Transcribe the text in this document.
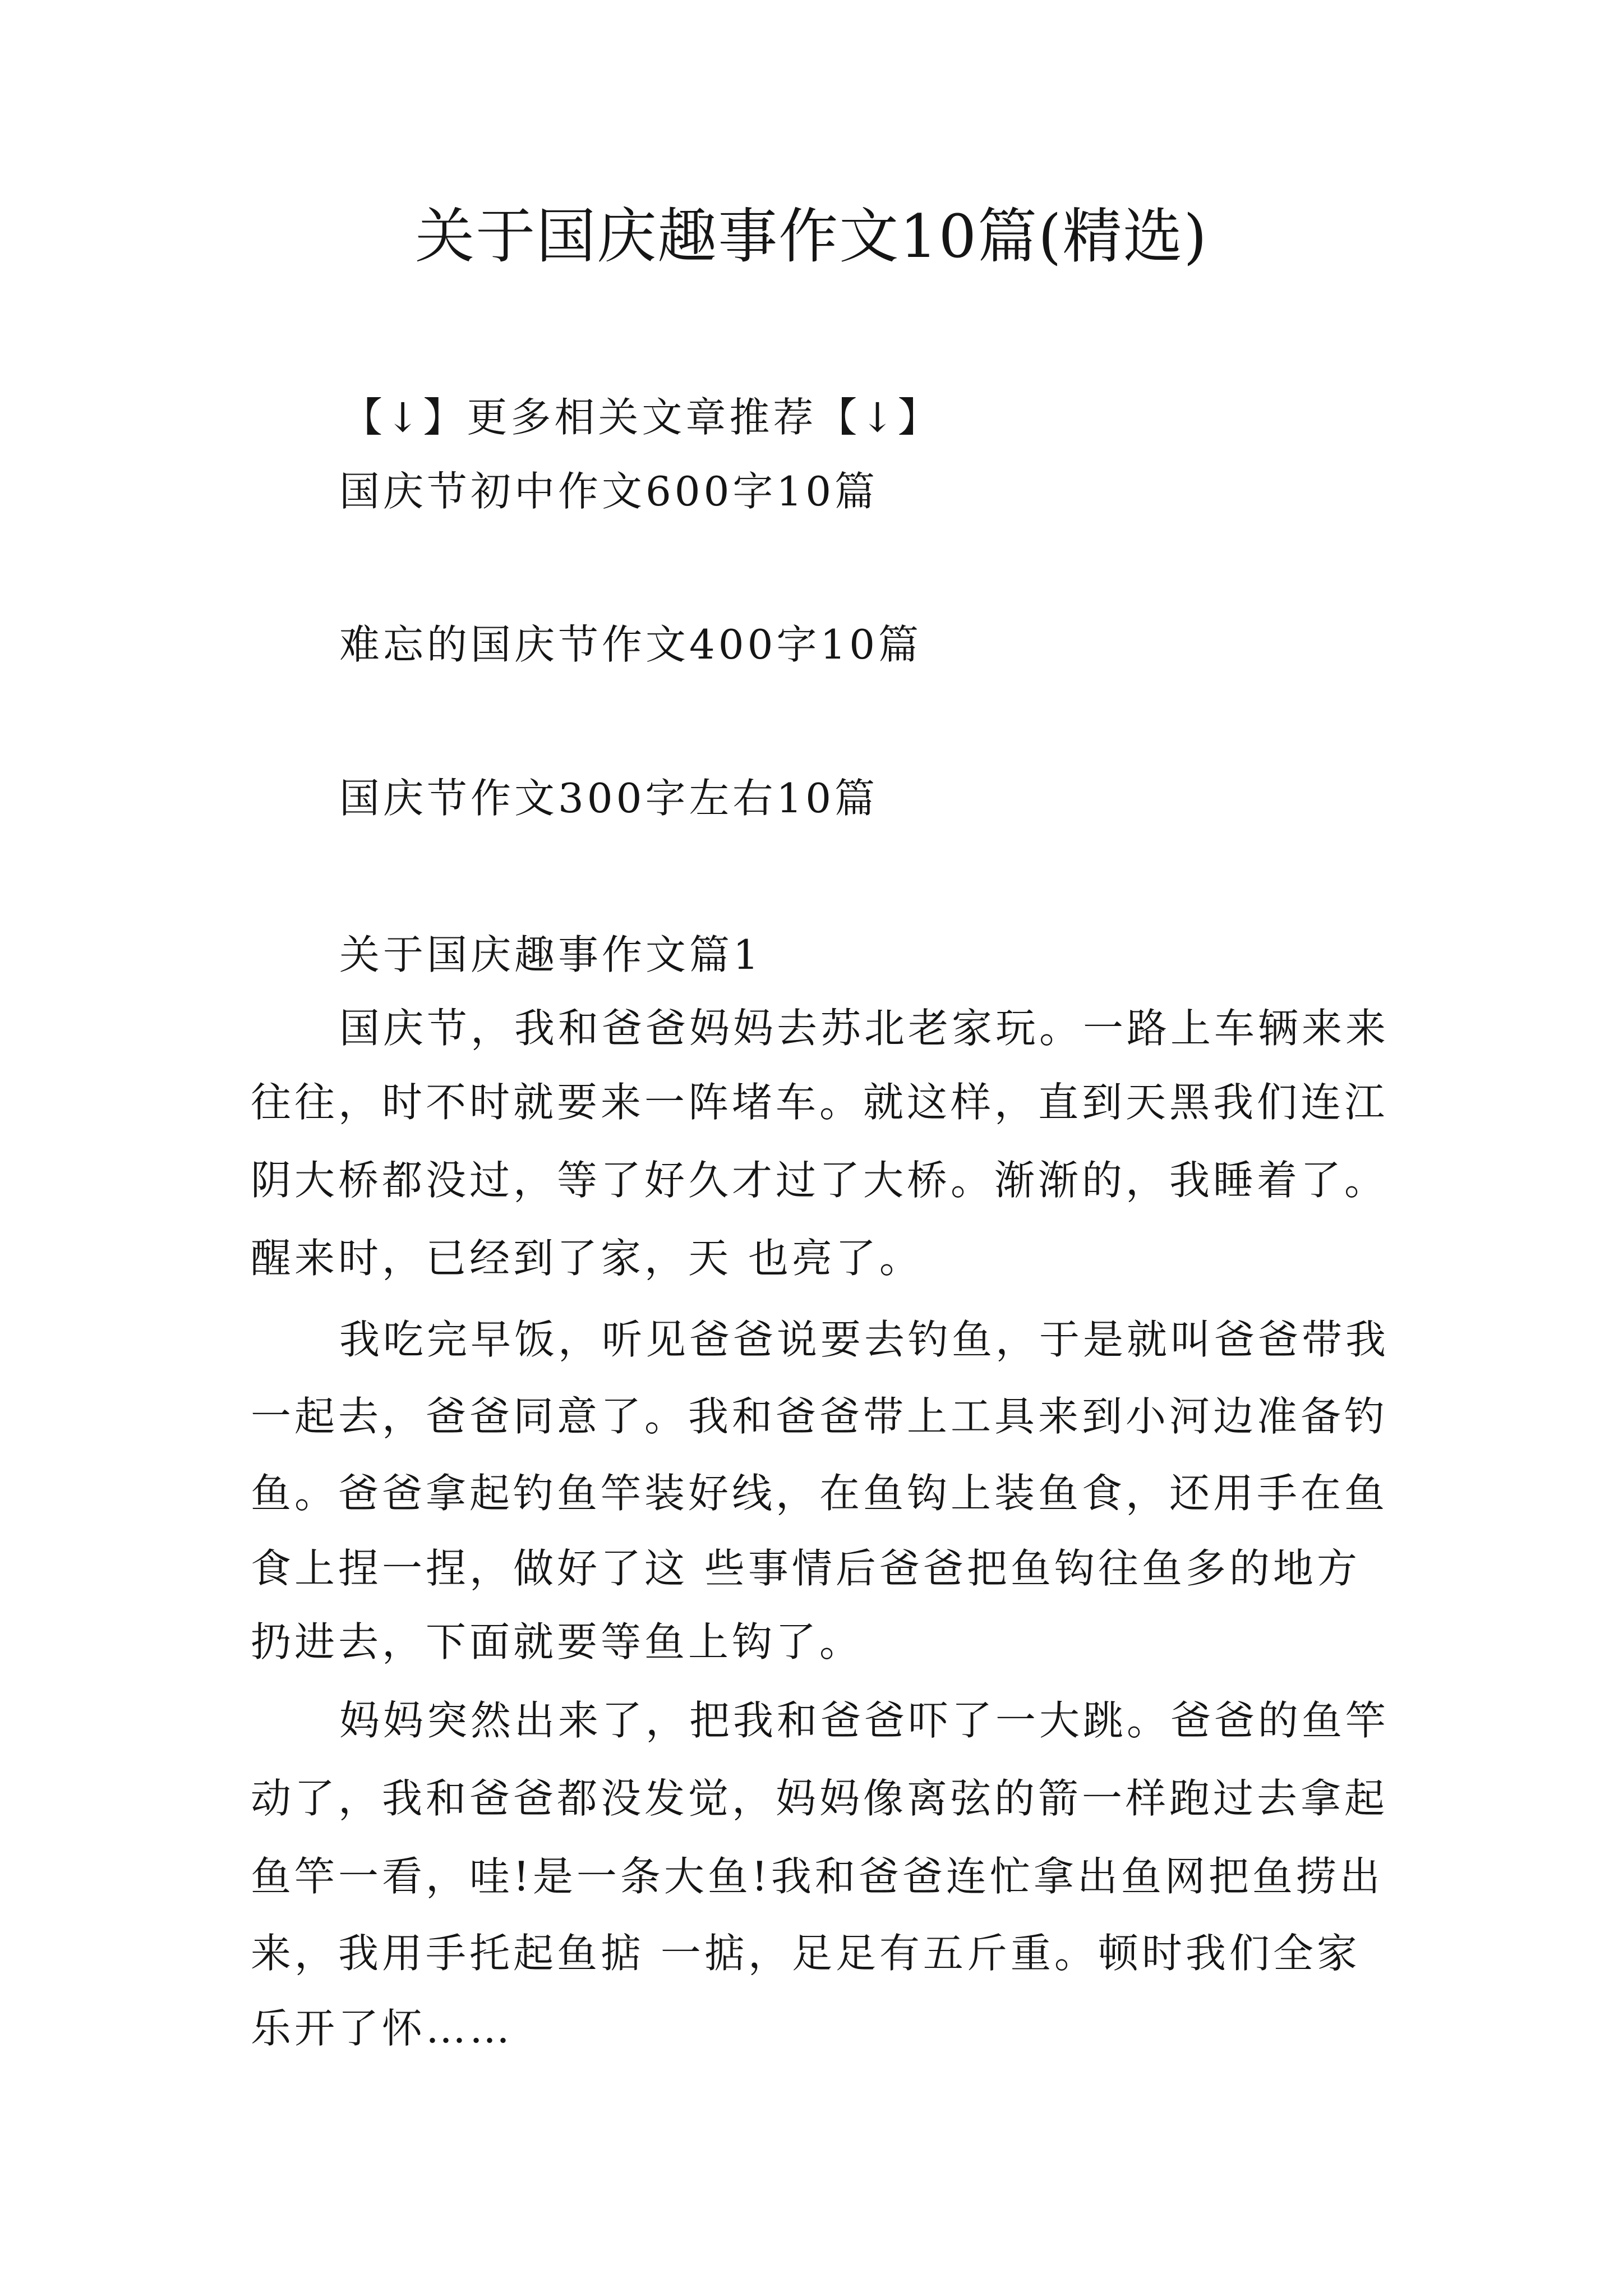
关于国庆趣事作文10篇(精选)
【↓】更多相关文章推荐【↓】
国庆节初中作文600字10篇
难忘的国庆节作文400字10篇
国庆节作文300字左右10篇
关于国庆趣事作文篇1
国庆节，我和爸爸妈妈去苏北老家玩。一路上车辆来来
往往，时不时就要来一阵堵车。就这样，直到天黑我们连江
阴大桥都没过，等了好久才过了大桥。渐渐的，我睡着了。
醒来时，已经到了家，天 也亮了。
我吃完早饭，听见爸爸说要去钓鱼，于是就叫爸爸带我
一起去，爸爸同意了。我和爸爸带上工具来到小河边准备钓
鱼。爸爸拿起钓鱼竿装好线，在鱼钩上装鱼食，还用手在鱼
食上捏一捏，做好了这 些事情后爸爸把鱼钩往鱼多的地方
扔进去，下面就要等鱼上钩了。
妈妈突然出来了，把我和爸爸吓了一大跳。爸爸的鱼竿
动了，我和爸爸都没发觉，妈妈像离弦的箭一样跑过去拿起
鱼竿一看，哇!是一条大鱼!我和爸爸连忙拿出鱼网把鱼捞出
来，我用手托起鱼掂 一掂，足足有五斤重。顿时我们全家
乐开了怀……
